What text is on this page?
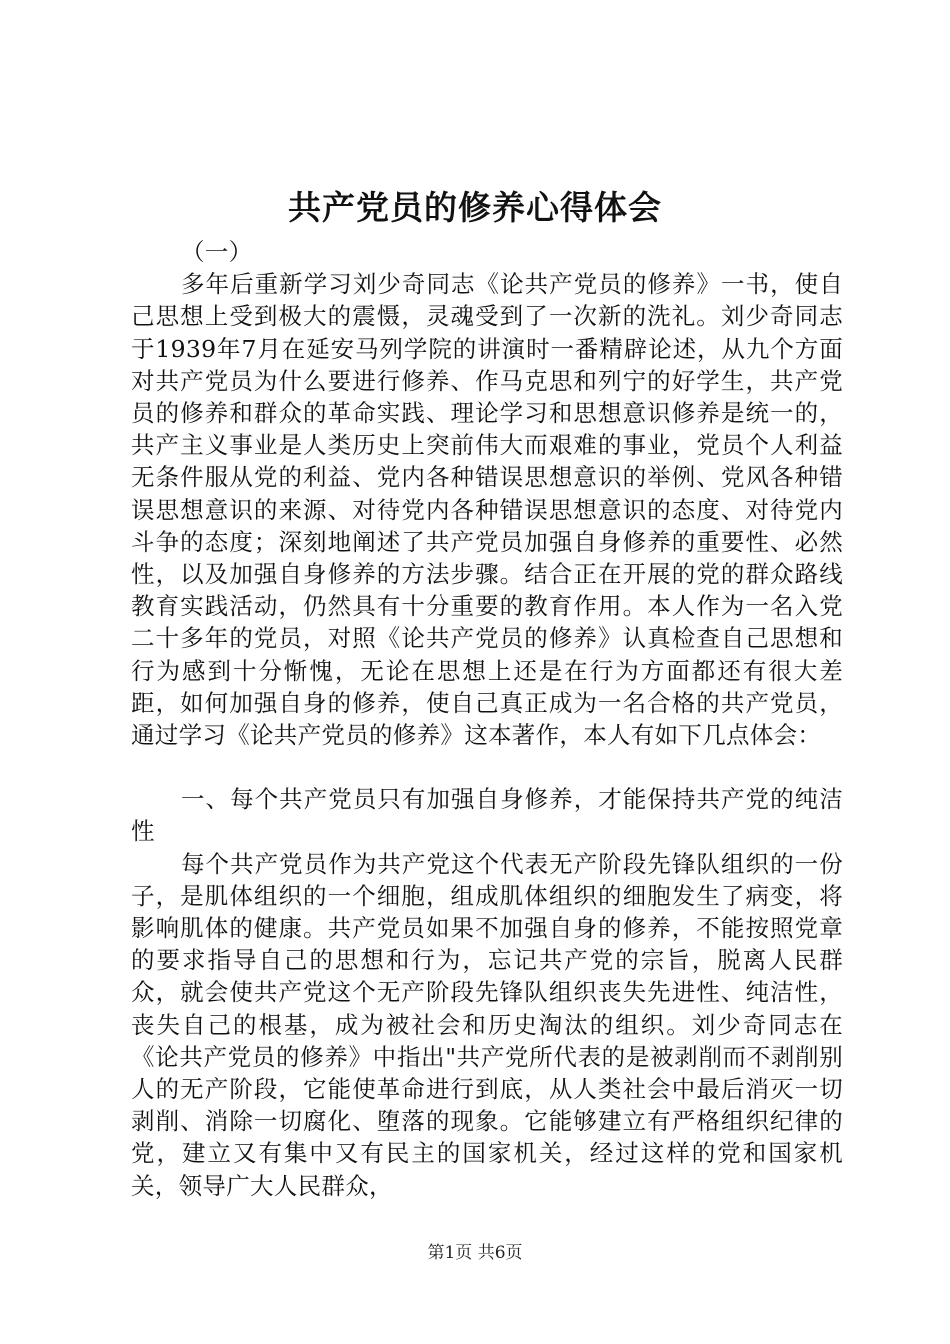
共产党员的修养心得体会

（一）

多年后重新学习刘少奇同志《论共产党员的修养》一书，使自己思想上受到极大的震慑，灵魂受到了一次新的洗礼。刘少奇同志于1939年7月在延安马列学院的讲演时一番精辟论述，从九个方面对共产党员为什么要进行修养、作马克思和列宁的好学生，共产党员的修养和群众的革命实践、理论学习和思想意识修养是统一的，共产主义事业是人类历史上突前伟大而艰难的事业，党员个人利益无条件服从党的利益、党内各种错误思想意识的举例、党风各种错误思想意识的来源、对待党内各种错误思想意识的态度、对待党内斗争的态度；深刻地阐述了共产党员加强自身修养的重要性、必然性，以及加强自身修养的方法步骤。结合正在开展的党的群众路线教育实践活动，仍然具有十分重要的教育作用。本人作为一名入党二十多年的党员，对照《论共产党员的修养》认真检查自己思想和行为感到十分惭愧，无论在思想上还是在行为方面都还有很大差距，如何加强自身的修养，使自己真正成为一名合格的共产党员，通过学习《论共产党员的修养》这本著作，本人有如下几点体会：

一、每个共产党员只有加强自身修养，才能保持共产党的纯洁性

每个共产党员作为共产党这个代表无产阶段先锋队组织的一份子，是肌体组织的一个细胞，组成肌体组织的细胞发生了病变，将影响肌体的健康。共产党员如果不加强自身的修养，不能按照党章的要求指导自己的思想和行为，忘记共产党的宗旨，脱离人民群众，就会使共产党这个无产阶段先锋队组织丧失先进性、纯洁性，丧失自己的根基，成为被社会和历史淘汰的组织。刘少奇同志在《论共产党员的修养》中指出"共产党所代表的是被剥削而不剥削别人的无产阶段，它能使革命进行到底，从人类社会中最后消灭一切剥削、消除一切腐化、堕落的现象。它能够建立有严格组织纪律的党，建立又有集中又有民主的国家机关，经过这样的党和国家机关，领导广大人民群众，

第1页 共6页
